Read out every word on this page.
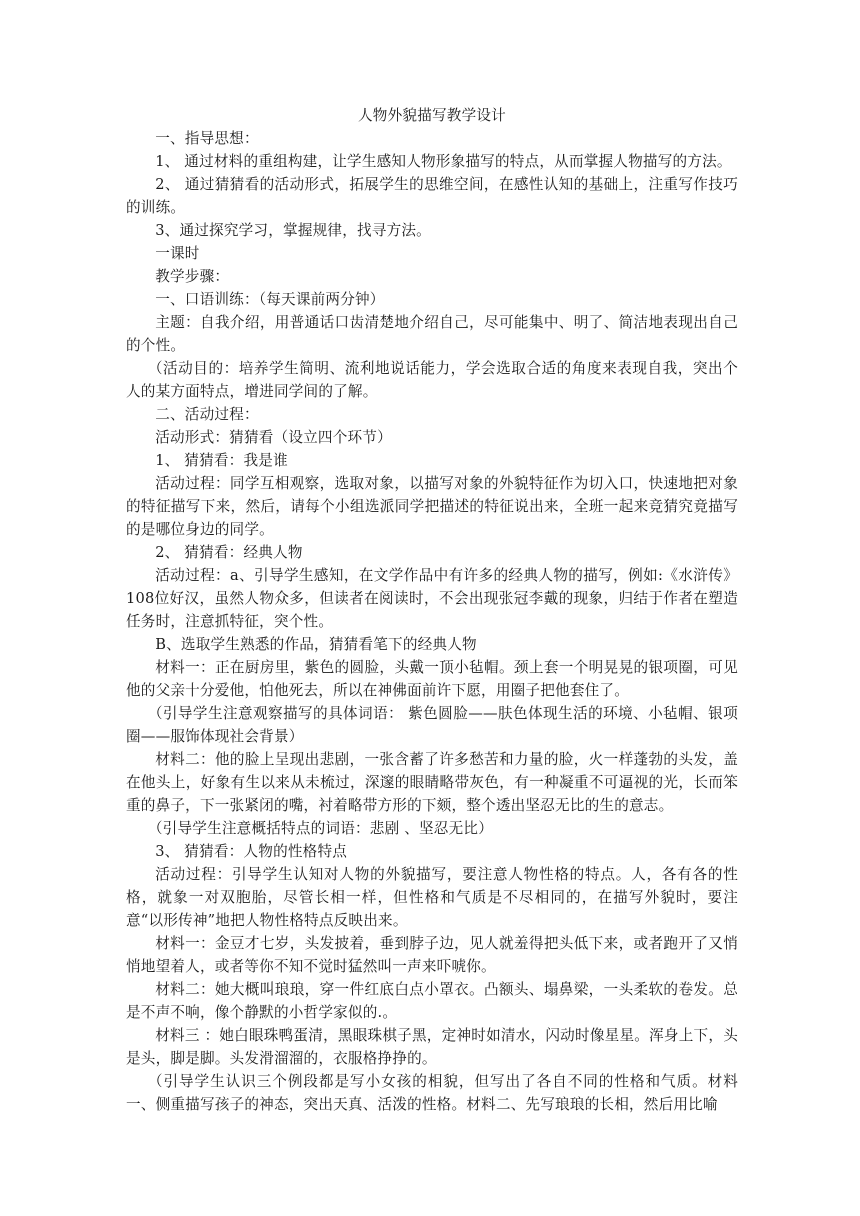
人物外貌描写教学设计

一、指导思想：

1、 通过材料的重组构建，让学生感知人物形象描写的特点，从而掌握人物描写的方法。

2、 通过猜猜看的活动形式，拓展学生的思维空间，在感性认知的基础上，注重写作技巧的训练。

3、通过探究学习，掌握规律，找寻方法。

一课时

教学步骤：

一、口语训练：（每天课前两分钟）

主题：自我介绍，用普通话口齿清楚地介绍自己，尽可能集中、明了、简洁地表现出自己的个性。

（活动目的：培养学生简明、流利地说话能力，学会选取合适的角度来表现自我，突出个人的某方面特点，增进同学间的了解。

二、活动过程：

活动形式：猜猜看（设立四个环节）

1、 猜猜看：我是谁

活动过程：同学互相观察，选取对象，以描写对象的外貌特征作为切入口，快速地把对象的特征描写下来，然后，请每个小组选派同学把描述的特征说出来，全班一起来竞猜究竟描写的是哪位身边的同学。

2、 猜猜看：经典人物

活动过程：a、引导学生感知，在文学作品中有许多的经典人物的描写，例如:《水浒传》108位好汉，虽然人物众多，但读者在阅读时，不会出现张冠李戴的现象，归结于作者在塑造任务时，注意抓特征，突个性。

B、选取学生熟悉的作品，猜猜看笔下的经典人物

材料一：正在厨房里，紫色的圆脸，头戴一顶小毡帽。颈上套一个明晃晃的银项圈，可见他的父亲十分爱他，怕他死去，所以在神佛面前许下愿，用圈子把他套住了。

（引导学生注意观察描写的具体词语： 紫色圆脸——肤色体现生活的环境、小毡帽、银项圈——服饰体现社会背景）

材料二：他的脸上呈现出悲剧，一张含蓄了许多愁苦和力量的脸，火一样蓬勃的头发，盖在他头上，好象有生以来从未梳过，深邃的眼睛略带灰色，有一种凝重不可逼视的光，长而笨重的鼻子，下一张紧闭的嘴，衬着略带方形的下颏，整个透出坚忍无比的生的意志。

（引导学生注意概括特点的词语：悲剧 、坚忍无比）

3、 猜猜看：人物的性格特点

活动过程：引导学生认知对人物的外貌描写，要注意人物性格的特点。人，各有各的性格，就象一对双胞胎，尽管长相一样，但性格和气质是不尽相同的，在描写外貌时，要注意“以形传神”地把人物性格特点反映出来。

材料一：金豆才七岁，头发披着，垂到脖子边，见人就羞得把头低下来，或者跑开了又悄悄地望着人，或者等你不知不觉时猛然叫一声来吓唬你。

材料二：她大概叫琅琅，穿一件红底白点小罩衣。凸额头、塌鼻梁，一头柔软的卷发。总是不声不响，像个静默的小哲学家似的.。

材料三 ：她白眼珠鸭蛋清，黑眼珠棋子黑，定神时如清水，闪动时像星星。浑身上下，头是头，脚是脚。头发滑溜溜的，衣服格挣挣的。

（引导学生认识三个例段都是写小女孩的相貌，但写出了各自不同的性格和气质。材料一、侧重描写孩子的神态，突出天真、活泼的性格。材料二、先写琅琅的长相，然后用比喻
